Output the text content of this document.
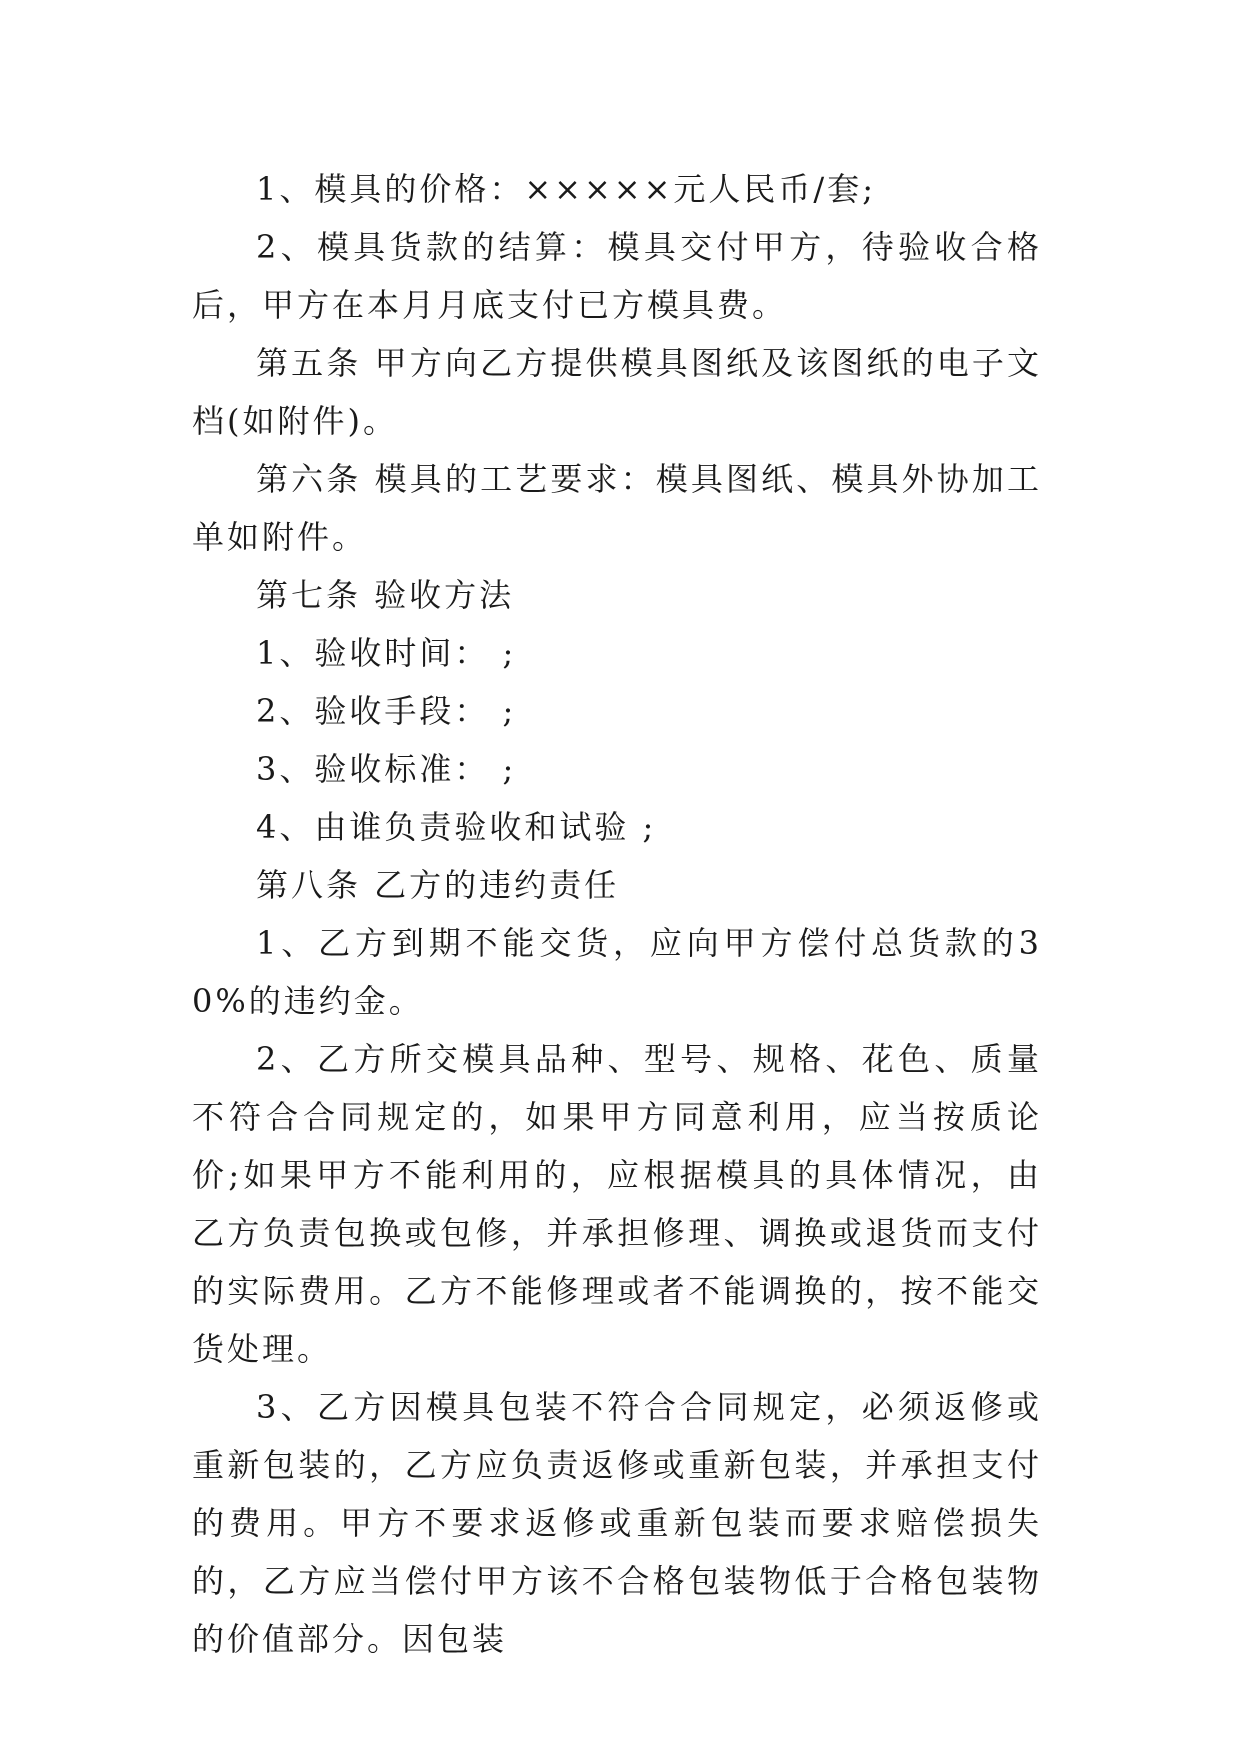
1、模具的价格：×××××元人民币/套;

2、模具货款的结算：模具交付甲方，待验收合格后，甲方在本月月底支付已方模具费。

第五条 甲方向乙方提供模具图纸及该图纸的电子文档(如附件)。

第六条 模具的工艺要求：模具图纸、模具外协加工单如附件。

第七条 验收方法

1、验收时间： ;

2、验收手段： ;

3、验收标准： ;

4、由谁负责验收和试验 ;

第八条 乙方的违约责任

1、乙方到期不能交货，应向甲方偿付总货款的30%的违约金。

2、乙方所交模具品种、型号、规格、花色、质量不符合合同规定的，如果甲方同意利用，应当按质论价;如果甲方不能利用的，应根据模具的具体情况，由乙方负责包换或包修，并承担修理、调换或退货而支付的实际费用。乙方不能修理或者不能调换的，按不能交货处理。

3、乙方因模具包装不符合合同规定，必须返修或重新包装的，乙方应负责返修或重新包装，并承担支付的费用。甲方不要求返修或重新包装而要求赔偿损失的，乙方应当偿付甲方该不合格包装物低于合格包装物的价值部分。因包装
